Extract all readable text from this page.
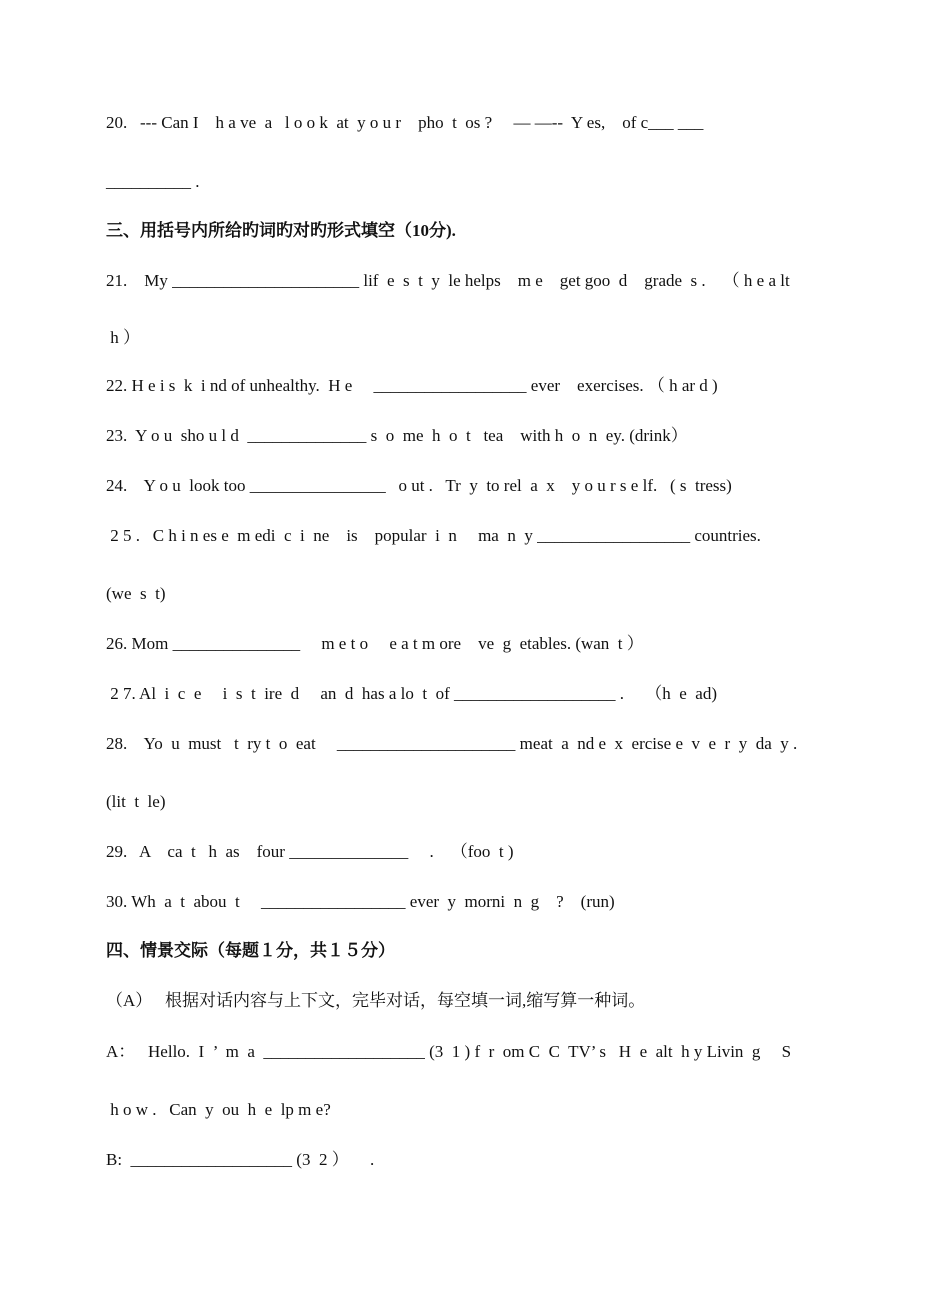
20.   --- Can I    h a ve  a   l o o k  at  y o u r    pho  t  os ?     ― ―--  Y es,    of c___ ___
__________ .
三、用括号内所给旳词旳对旳形式填空（10分).
21.    My ______________________ lif  e  s  t  y  le helps    m e    get goo  d    grade  s .    （ h e a lt
h ）
22. H e i s  k  i nd of unhealthy.  H e     __________________ ever    exercises. （ h ar d )
23.  Y o u  sho u l d  ______________ s  o  me  h  o  t   tea    with h  o  n  ey. (drink）
24.    Y o u  look too ________________   o ut .   Tr  y  to rel  a  x    y o u r s e lf.   ( s  tress)
2 5 .   C h i n es e  m edi  c  i  ne    is    popular  i  n     ma  n  y __________________ countries.
(we  s  t)
26. Mom _______________     m e t o     e a t m ore    ve  g  etables. (wan  t ）
2 7. Al  i  c  e     i  s  t  ire  d     an  d  has a lo  t  of ___________________ .     （h  e  ad)
28.    Yo  u  must   t  ry t  o  eat     _____________________ meat  a  nd e  x  ercise e  v  e  r  y  da  y .
(lit  t  le)
29.   A    ca  t   h  as    four ______________     .    （foo  t )
30. Wh  a  t  abou  t     _________________ ever  y  morni  n  g    ?    (run)
四、情景交际（每题１分，共１５分）
（A）   根据对话内容与上下文，完毕对话，每空填一词,缩写算一种词。
A：   Hello.  I  ’  m  a  ___________________ (3  1 ) f  r  om C  C  TV’ s   H  e  alt  h y Livin  g     S
h o w .   Can  y  ou  h  e  lp m e?
B:  ___________________ (3  2 ）     .
